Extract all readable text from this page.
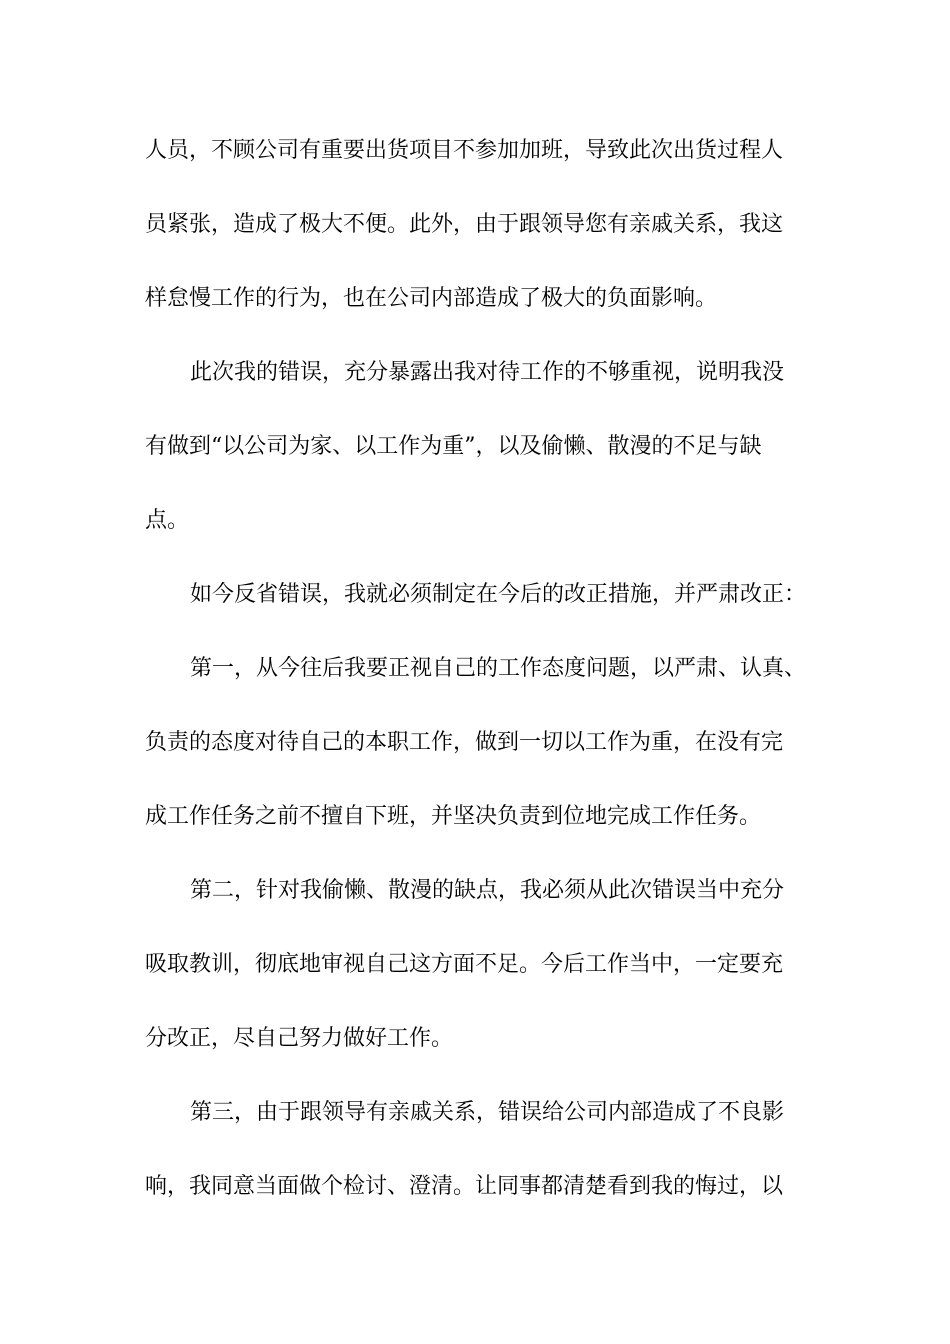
人员，不顾公司有重要出货项目不参加加班，导致此次出货过程人
员紧张，造成了极大不便。此外，由于跟领导您有亲戚关系，我这
样怠慢工作的行为，也在公司内部造成了极大的负面影响。
此次我的错误，充分暴露出我对待工作的不够重视，说明我没
有做到“以公司为家、以工作为重”，以及偷懒、散漫的不足与缺
点。
如今反省错误，我就必须制定在今后的改正措施，并严肃改正：
第一，从今往后我要正视自己的工作态度问题，以严肃、认真、
负责的态度对待自己的本职工作，做到一切以工作为重，在没有完
成工作任务之前不擅自下班，并坚决负责到位地完成工作任务。
第二，针对我偷懒、散漫的缺点，我必须从此次错误当中充分
吸取教训，彻底地审视自己这方面不足。今后工作当中，一定要充
分改正，尽自己努力做好工作。
第三，由于跟领导有亲戚关系，错误给公司内部造成了不良影
响，我同意当面做个检讨、澄清。让同事都清楚看到我的悔过，以
